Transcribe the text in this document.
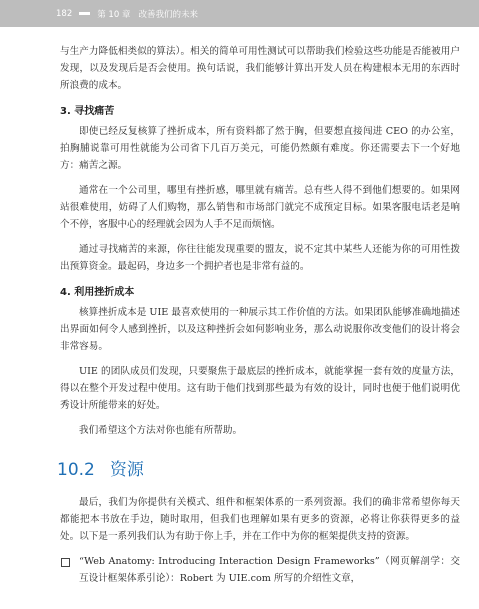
182	第 10 章 改善我们的未来

与生产力降低相类似的算法）。相关的简单可用性测试可以帮助我们检验这些功能是否能被用户发现，以及发现后是否会使用。换句话说，我们能够计算出开发人员在构建根本无用的东西时所浪费的成本。

3. 寻找痛苦

即使已经反复核算了挫折成本，所有资料都了然于胸，但要想直接闯进 CEO 的办公室，拍胸脯说靠可用性就能为公司省下几百万美元，可能仍然颇有难度。你还需要去下一个好地方：痛苦之源。

通常在一个公司里，哪里有挫折感，哪里就有痛苦。总有些人得不到他们想要的。如果网站很难使用，妨碍了人们购物，那么销售和市场部门就完不成预定目标。如果客服电话老是响个不停，客服中心的经理就会因为人手不足而烦恼。

通过寻找痛苦的来源，你往往能发现重要的盟友，说不定其中某些人还能为你的可用性拨出预算资金。最起码，身边多一个拥护者也是非常有益的。

4. 利用挫折成本

核算挫折成本是 UIE 最喜欢使用的一种展示其工作价值的方法。如果团队能够准确地描述出界面如何令人感到挫折，以及这种挫折会如何影响业务，那么动说服你改变他们的设计将会非常容易。

UIE 的团队成员们发现，只要聚焦于最底层的挫折成本，就能掌握一套有效的度量方法，得以在整个开发过程中使用。这有助于他们找到那些最为有效的设计，同时也便于他们说明优秀设计所能带来的好处。

我们希望这个方法对你也能有所帮助。

10.2 资源

最后，我们为你提供有关模式、组件和框架体系的一系列资源。我们的确非常希望你每天都能把本书放在手边，随时取用，但我们也理解如果有更多的资源，必将让你获得更多的益处。以下是一系列我们认为有助于你上手，并在工作中为你的框架提供支持的资源。

“Web Anatomy: Introducing Interaction Design Frameworks”（网页解剖学：交互设计框架体系引论）：Robert 为 UIE.com 所写的介绍性文章，
